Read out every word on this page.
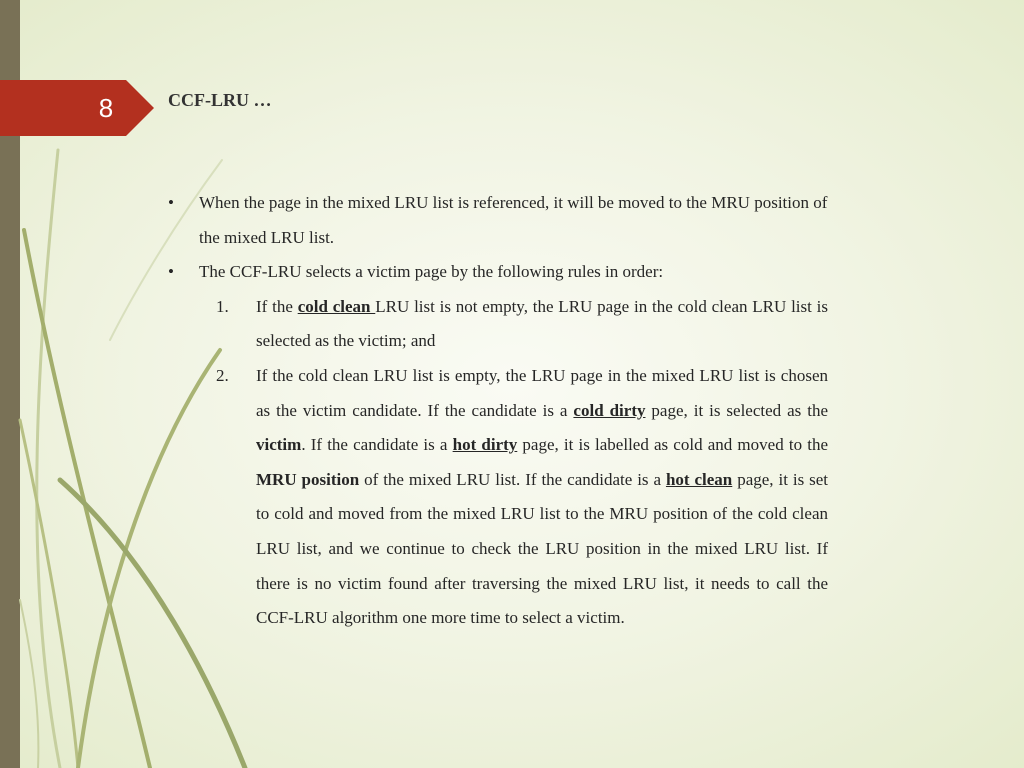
8	CCF-LRU …
•	When the page in the mixed LRU list is referenced, it will be moved to the MRU position of the mixed LRU list.
•	The CCF-LRU selects a victim page by the following rules in order:
1.	If the cold clean LRU list is not empty, the LRU page in the cold clean LRU list is selected as the victim; and
2.	If the cold clean LRU list is empty, the LRU page in the mixed LRU list is chosen as the victim candidate. If the candidate is a cold dirty page, it is selected as the victim. If the candidate is a hot dirty page, it is labelled as cold and moved to the MRU position of the mixed LRU list. If the candidate is a hot clean page, it is set to cold and moved from the mixed LRU list to the MRU position of the cold clean LRU list, and we continue to check the LRU position in the mixed LRU list. If there is no victim found after traversing the mixed LRU list, it needs to call the CCF-LRU algorithm one more time to select a victim.
